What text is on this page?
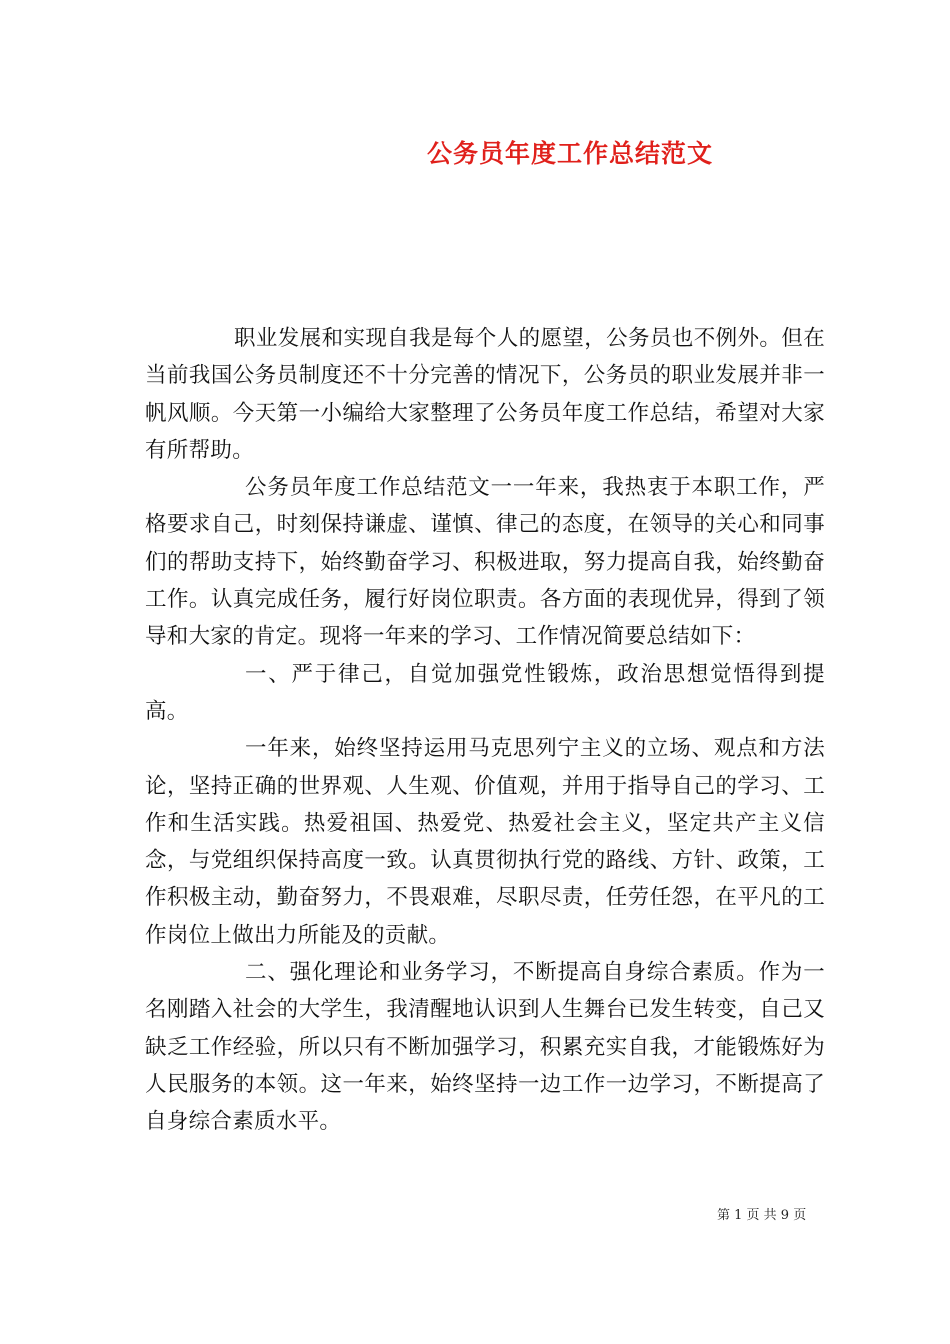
公务员年度工作总结范文

职业发展和实现自我是每个人的愿望，公务员也不例外。但在当前我国公务员制度还不十分完善的情况下，公务员的职业发展并非一帆风顺。今天第一小编给大家整理了公务员年度工作总结，希望对大家有所帮助。

公务员年度工作总结范文一一年来，我热衷于本职工作，严格要求自己，时刻保持谦虚、谨慎、律己的态度，在领导的关心和同事们的帮助支持下，始终勤奋学习、积极进取，努力提高自我，始终勤奋工作。认真完成任务，履行好岗位职责。各方面的表现优异，得到了领导和大家的肯定。现将一年来的学习、工作情况简要总结如下：

一、严于律己，自觉加强党性锻炼，政治思想觉悟得到提高。

一年来，始终坚持运用马克思列宁主义的立场、观点和方法论，坚持正确的世界观、人生观、价值观，并用于指导自己的学习、工作和生活实践。热爱祖国、热爱党、热爱社会主义，坚定共产主义信念，与党组织保持高度一致。认真贯彻执行党的路线、方针、政策，工作积极主动，勤奋努力，不畏艰难，尽职尽责，任劳任怨，在平凡的工作岗位上做出力所能及的贡献。

二、强化理论和业务学习，不断提高自身综合素质。作为一名刚踏入社会的大学生，我清醒地认识到人生舞台已发生转变，自己又缺乏工作经验，所以只有不断加强学习，积累充实自我，才能锻炼好为人民服务的本领。这一年来，始终坚持一边工作一边学习，不断提高了自身综合素质水平。

第 1 页 共 9 页
